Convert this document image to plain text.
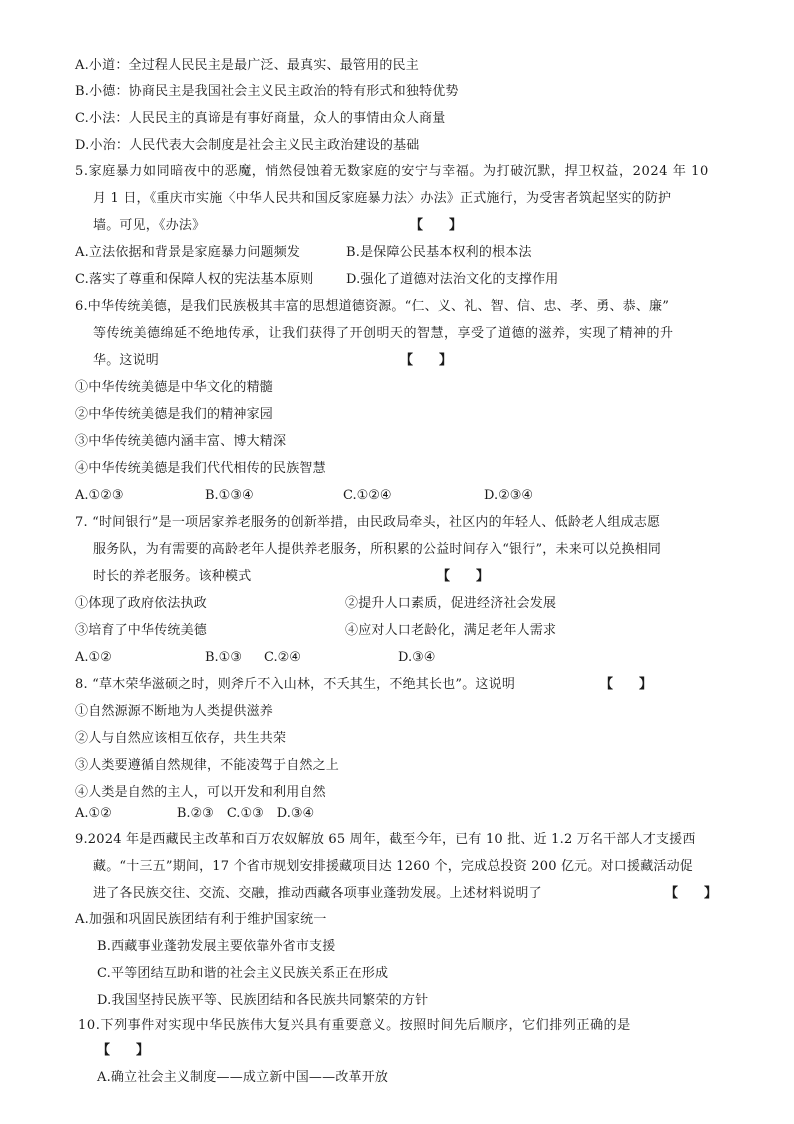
A.小道：全过程人民民主是最广泛、最真实、最管用的民主
B.小德：协商民主是我国社会主义民主政治的特有形式和独特优势
C.小法：人民民主的真谛是有事好商量，众人的事情由众人商量
D.小治：人民代表大会制度是社会主义民主政治建设的基础
5.家庭暴力如同暗夜中的恶魔，悄然侵蚀着无数家庭的安宁与幸福。为打破沉默，捍卫权益，2024 年 10
月 1 日，《重庆市实施〈中华人民共和国反家庭暴力法〉办法》正式施行，为受害者筑起坚实的防护
墙。可见，《办法》	【　　】
A.立法依据和背景是家庭暴力问题频发	B.是保障公民基本权利的根本法
C.落实了尊重和保障人权的宪法基本原则	D.强化了道德对法治文化的支撑作用
6.中华传统美德，是我们民族极其丰富的思想道德资源。“仁、义、礼、智、信、忠、孝、勇、恭、廉”
等传统美德绵延不绝地传承，让我们获得了开创明天的智慧，享受了道德的滋养，实现了精神的升
华。这说明	【　　】
①中华传统美德是中华文化的精髓
②中华传统美德是我们的精神家园
③中华传统美德内涵丰富、博大精深
④中华传统美德是我们代代相传的民族智慧
A.①②③	B.①③④	C.①②④	D.②③④
7. “时间银行”是一项居家养老服务的创新举措，由民政局牵头，社区内的年轻人、低龄老人组成志愿
服务队，为有需要的高龄老年人提供养老服务，所积累的公益时间存入“银行”，未来可以兑换相同
时长的养老服务。该种模式	【　　】
①体现了政府依法执政	②提升人口素质，促进经济社会发展
③培育了中华传统美德	④应对人口老龄化，满足老年人需求
A.①②	B.①③ C.②④	D.③④
8. “草木荣华滋硕之时，则斧斤不入山林，不夭其生，不绝其长也”。这说明	【　　】
①自然源源不断地为人类提供滋养
②人与自然应该相互依存，共生共荣
③人类要遵循自然规律，不能凌驾于自然之上
④人类是自然的主人，可以开发和利用自然
A.①②　　　　　B.②③　C.①③　D.③④
9.2024 年是西藏民主改革和百万农奴解放 65 周年，截至今年，已有 10 批、近 1.2 万名干部人才支援西
藏。“十三五”期间，17 个省市规划安排援藏项目达 1260 个，完成总投资 200 亿元。对口援藏活动促
进了各民族交往、交流、交融，推动西藏各项事业蓬勃发展。上述材料说明了	【　　】
A.加强和巩固民族团结有利于维护国家统一
B.西藏事业蓬勃发展主要依靠外省市支援
C.平等团结互助和谐的社会主义民族关系正在形成
D.我国坚持民族平等、民族团结和各民族共同繁荣的方针
10.下列事件对实现中华民族伟大复兴具有重要意义。按照时间先后顺序，它们排列正确的是
【　　】
A.确立社会主义制度——成立新中国——改革开放
